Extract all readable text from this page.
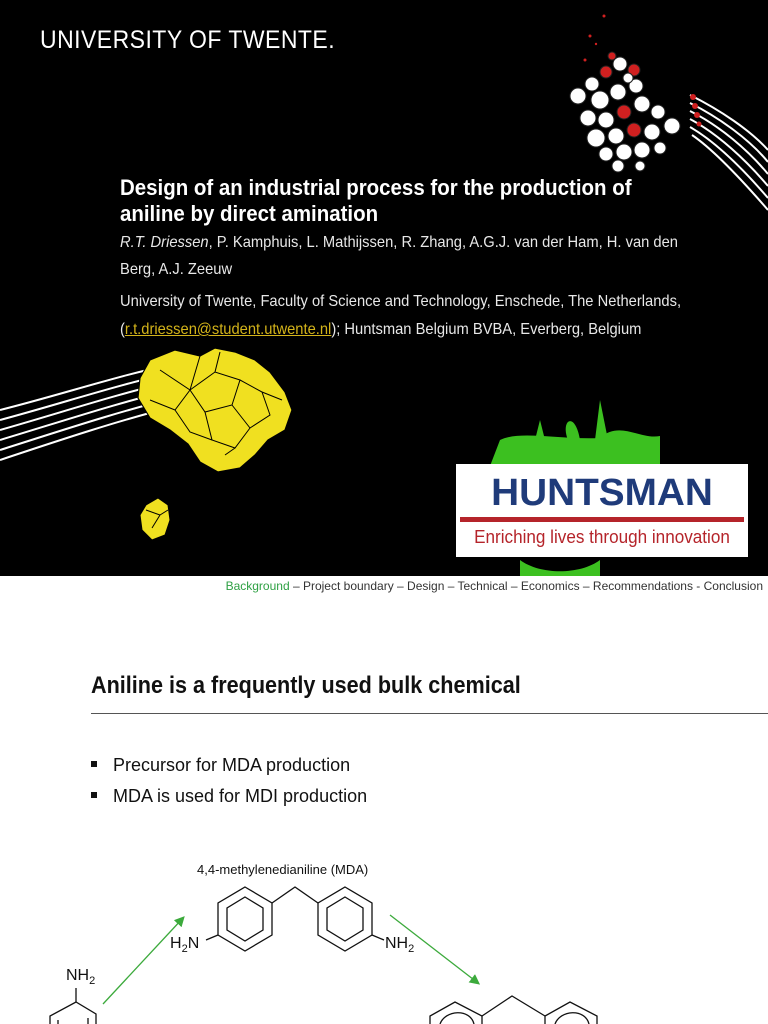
UNIVERSITY OF TWENTE.
Design of an industrial process for the production of
aniline by direct amination
R.T. Driessen, P. Kamphuis, L. Mathijssen, R. Zhang, A.G.J. van der Ham, H. van den
Berg, A.J. Zeeuw
University of Twente, Faculty of Science and Technology, Enschede, The Netherlands,
(r.t.driessen@student.utwente.nl); Huntsman Belgium BVBA, Everberg, Belgium
HUNTSMAN
Enriching lives through innovation
Background – Project boundary – Design – Technical – Economics – Recommendations - Conclusion
Aniline is a frequently used bulk chemical
Precursor for MDA production
MDA is used for MDI production
4,4-methylenedianiline (MDA)
$H_2N$	$NH_2$
$NH_2$
